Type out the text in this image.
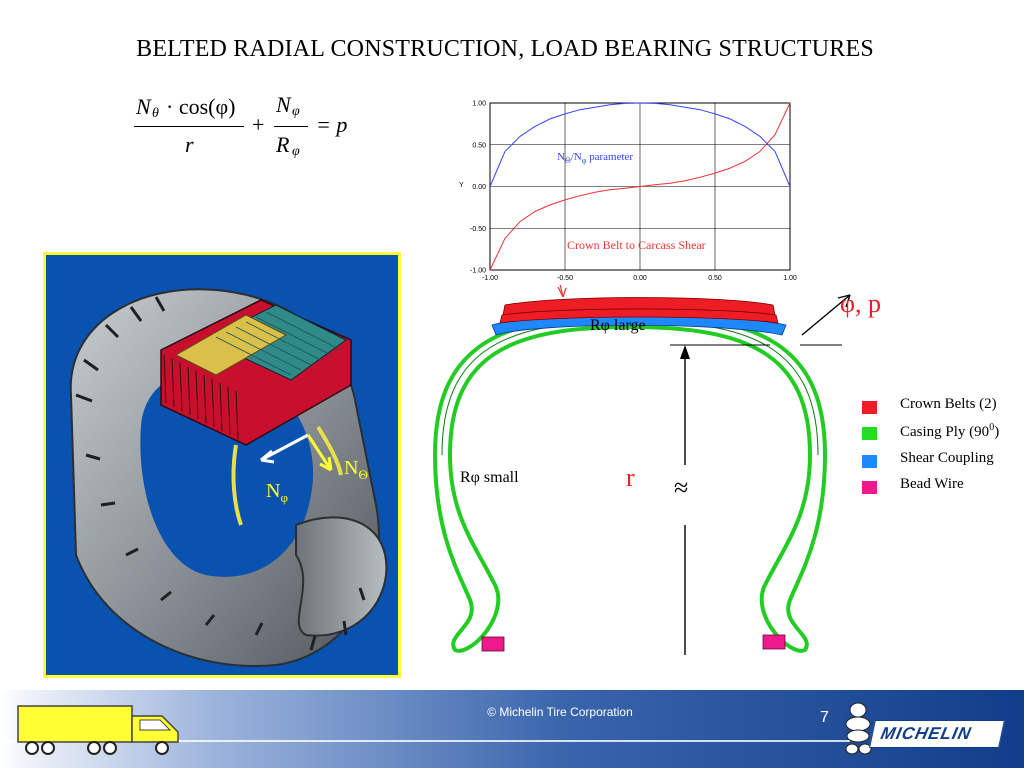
BELTED RADIAL CONSTRUCTION, LOAD BEARING STRUCTURES
N θ · cos(φ)
r
+
N φ
R φ
= p
$N_\Theta$
$N_\varphi$
-1.00	-0.50	0.00	0.50	1.00
1.00
0.50
0.00
-0.50
-1.00
$N_\Theta/N_\varphi$ parameter
Crown Belt to Carcass Shear
Y
Rφ large
Rφ small
φ, p
r ≈
Crown Belts (2)
Casing Ply $(90^0)$
Shear Coupling
Bead Wire
© Michelin Tire Corporation	7
MICHELIN
